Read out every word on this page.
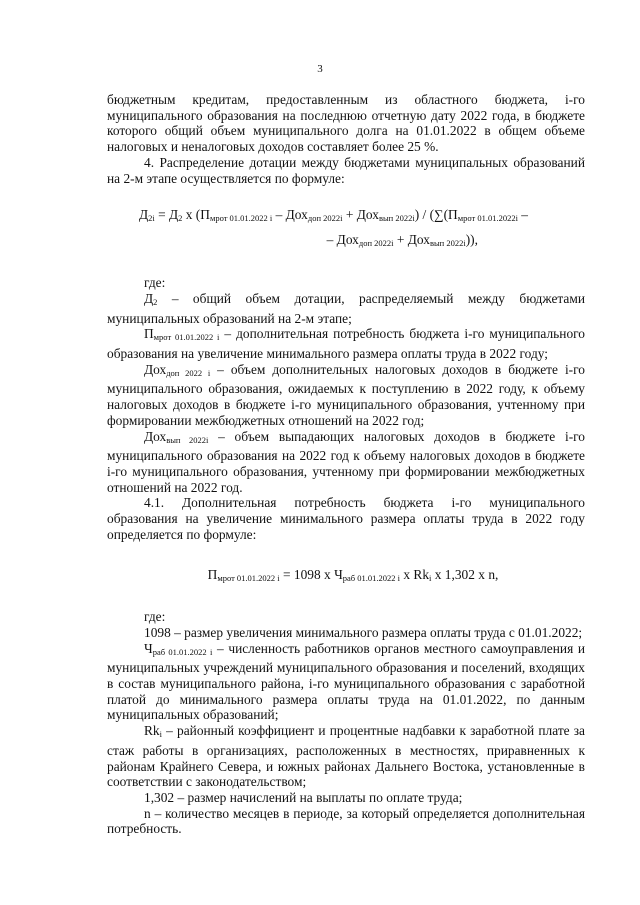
3

бюджетным кредитам, предоставленным из областного бюджета, i-го муниципального образования на последнюю отчетную дату 2022 года, в бюджете которого общий объем муниципального долга на 01.01.2022 в общем объеме налоговых и неналоговых доходов составляет более 25 %.

4. Распределение дотации между бюджетами муниципальных образований на 2-м этапе осуществляется по формуле:

$Д_{2i} = Д_2$ x $(П_{мрот 01.01.2022 i} - Дох_{доп 2022i} + Дох_{вып 2022i}) / (\sum(П_{мрот 01.01.2022i}$ –
– Дох$_{доп 2022i}$ + Дох$_{вып 2022i}$)),

где:

$Д_2$ – общий объем дотации, распределяемый между бюджетами муниципальных образований на 2-м этапе;

$П_{мрот 01.01.2022 i}$ – дополнительная потребность бюджета i-го муниципального образования на увеличение минимального размера оплаты труда в 2022 году;

Дох$_{доп 2022 i}$ – объем дополнительных налоговых доходов в бюджете i-го муниципального образования, ожидаемых к поступлению в 2022 году, к объему налоговых доходов в бюджете i-го муниципального образования, учтенному при формировании межбюджетных отношений на 2022 год;

Дох$_{вып 2022i}$ – объем выпадающих налоговых доходов в бюджете i-го муниципального образования на 2022 год к объему налоговых доходов в бюджете i-го муниципального образования, учтенному при формировании межбюджетных отношений на 2022 год.

4.1. Дополнительная потребность бюджета i-го муниципального образования на увеличение минимального размера оплаты труда в 2022 году определяется по формуле:

$П_{мрот 01.01.2022 i} = 1098$ x $Ч_{раб 01.01.2022 i}$ x $Rk_i$ x 1,302 x n,

где:

1098 – размер увеличения минимального размера оплаты труда с 01.01.2022;

$Ч_{раб 01.01.2022 i}$ – численность работников органов местного самоуправления и муниципальных учреждений муниципального образования и поселений, входящих в состав муниципального района, i-го муниципального образования с заработной платой до минимального размера оплаты труда на 01.01.2022, по данным муниципальных образований;

$Rk_i$ – районный коэффициент и процентные надбавки к заработной плате за стаж работы в организациях, расположенных в местностях, приравненных к районам Крайнего Севера, и южных районах Дальнего Востока, установленные в соответствии с законодательством;

1,302 – размер начислений на выплаты по оплате труда;

n – количество месяцев в периоде, за который определяется дополнительная потребность.
